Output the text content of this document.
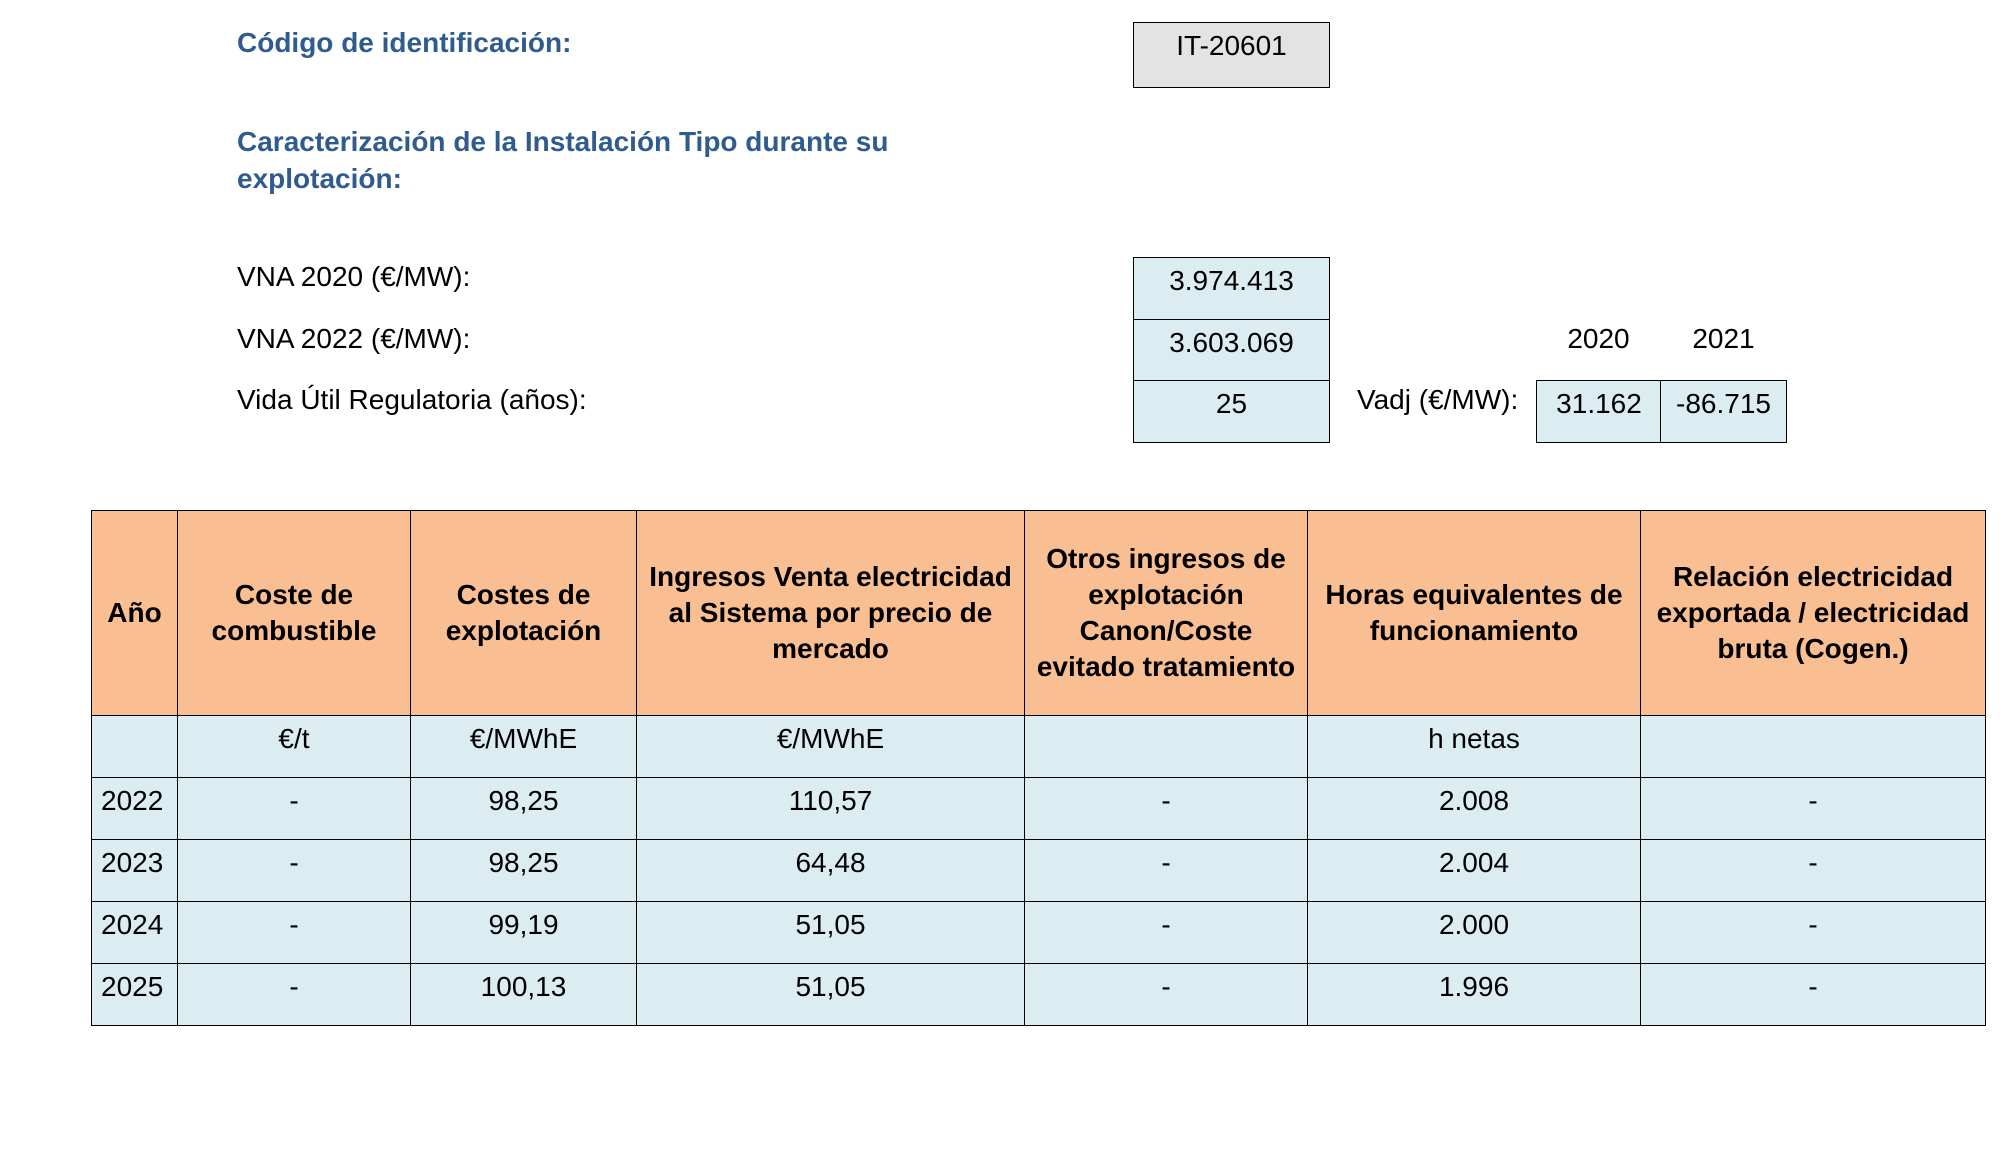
Código de identificación:	IT-20601
Caracterización de la Instalación Tipo durante su
explotación:
VNA 2020 (€/MW):	3.974.413
VNA 2022 (€/MW):	3.603.069
Vida Útil Regulatoria (años):	25
2020	2021
Vadj (€/MW):	31.162	-86.715
Año	Coste de combustible	Costes de explotación	Ingresos Venta electricidad al Sistema por precio de mercado	Otros ingresos de explotación Canon/Coste evitado tratamiento	Horas equivalentes de funcionamiento	Relación electricidad exportada / electricidad bruta (Cogen.)
	€/t	€/MWhE	€/MWhE		h netas	
2022	-	98,25	110,57	-	2.008	-
2023	-	98,25	64,48	-	2.004	-
2024	-	99,19	51,05	-	2.000	-
2025	-	100,13	51,05	-	1.996	-
